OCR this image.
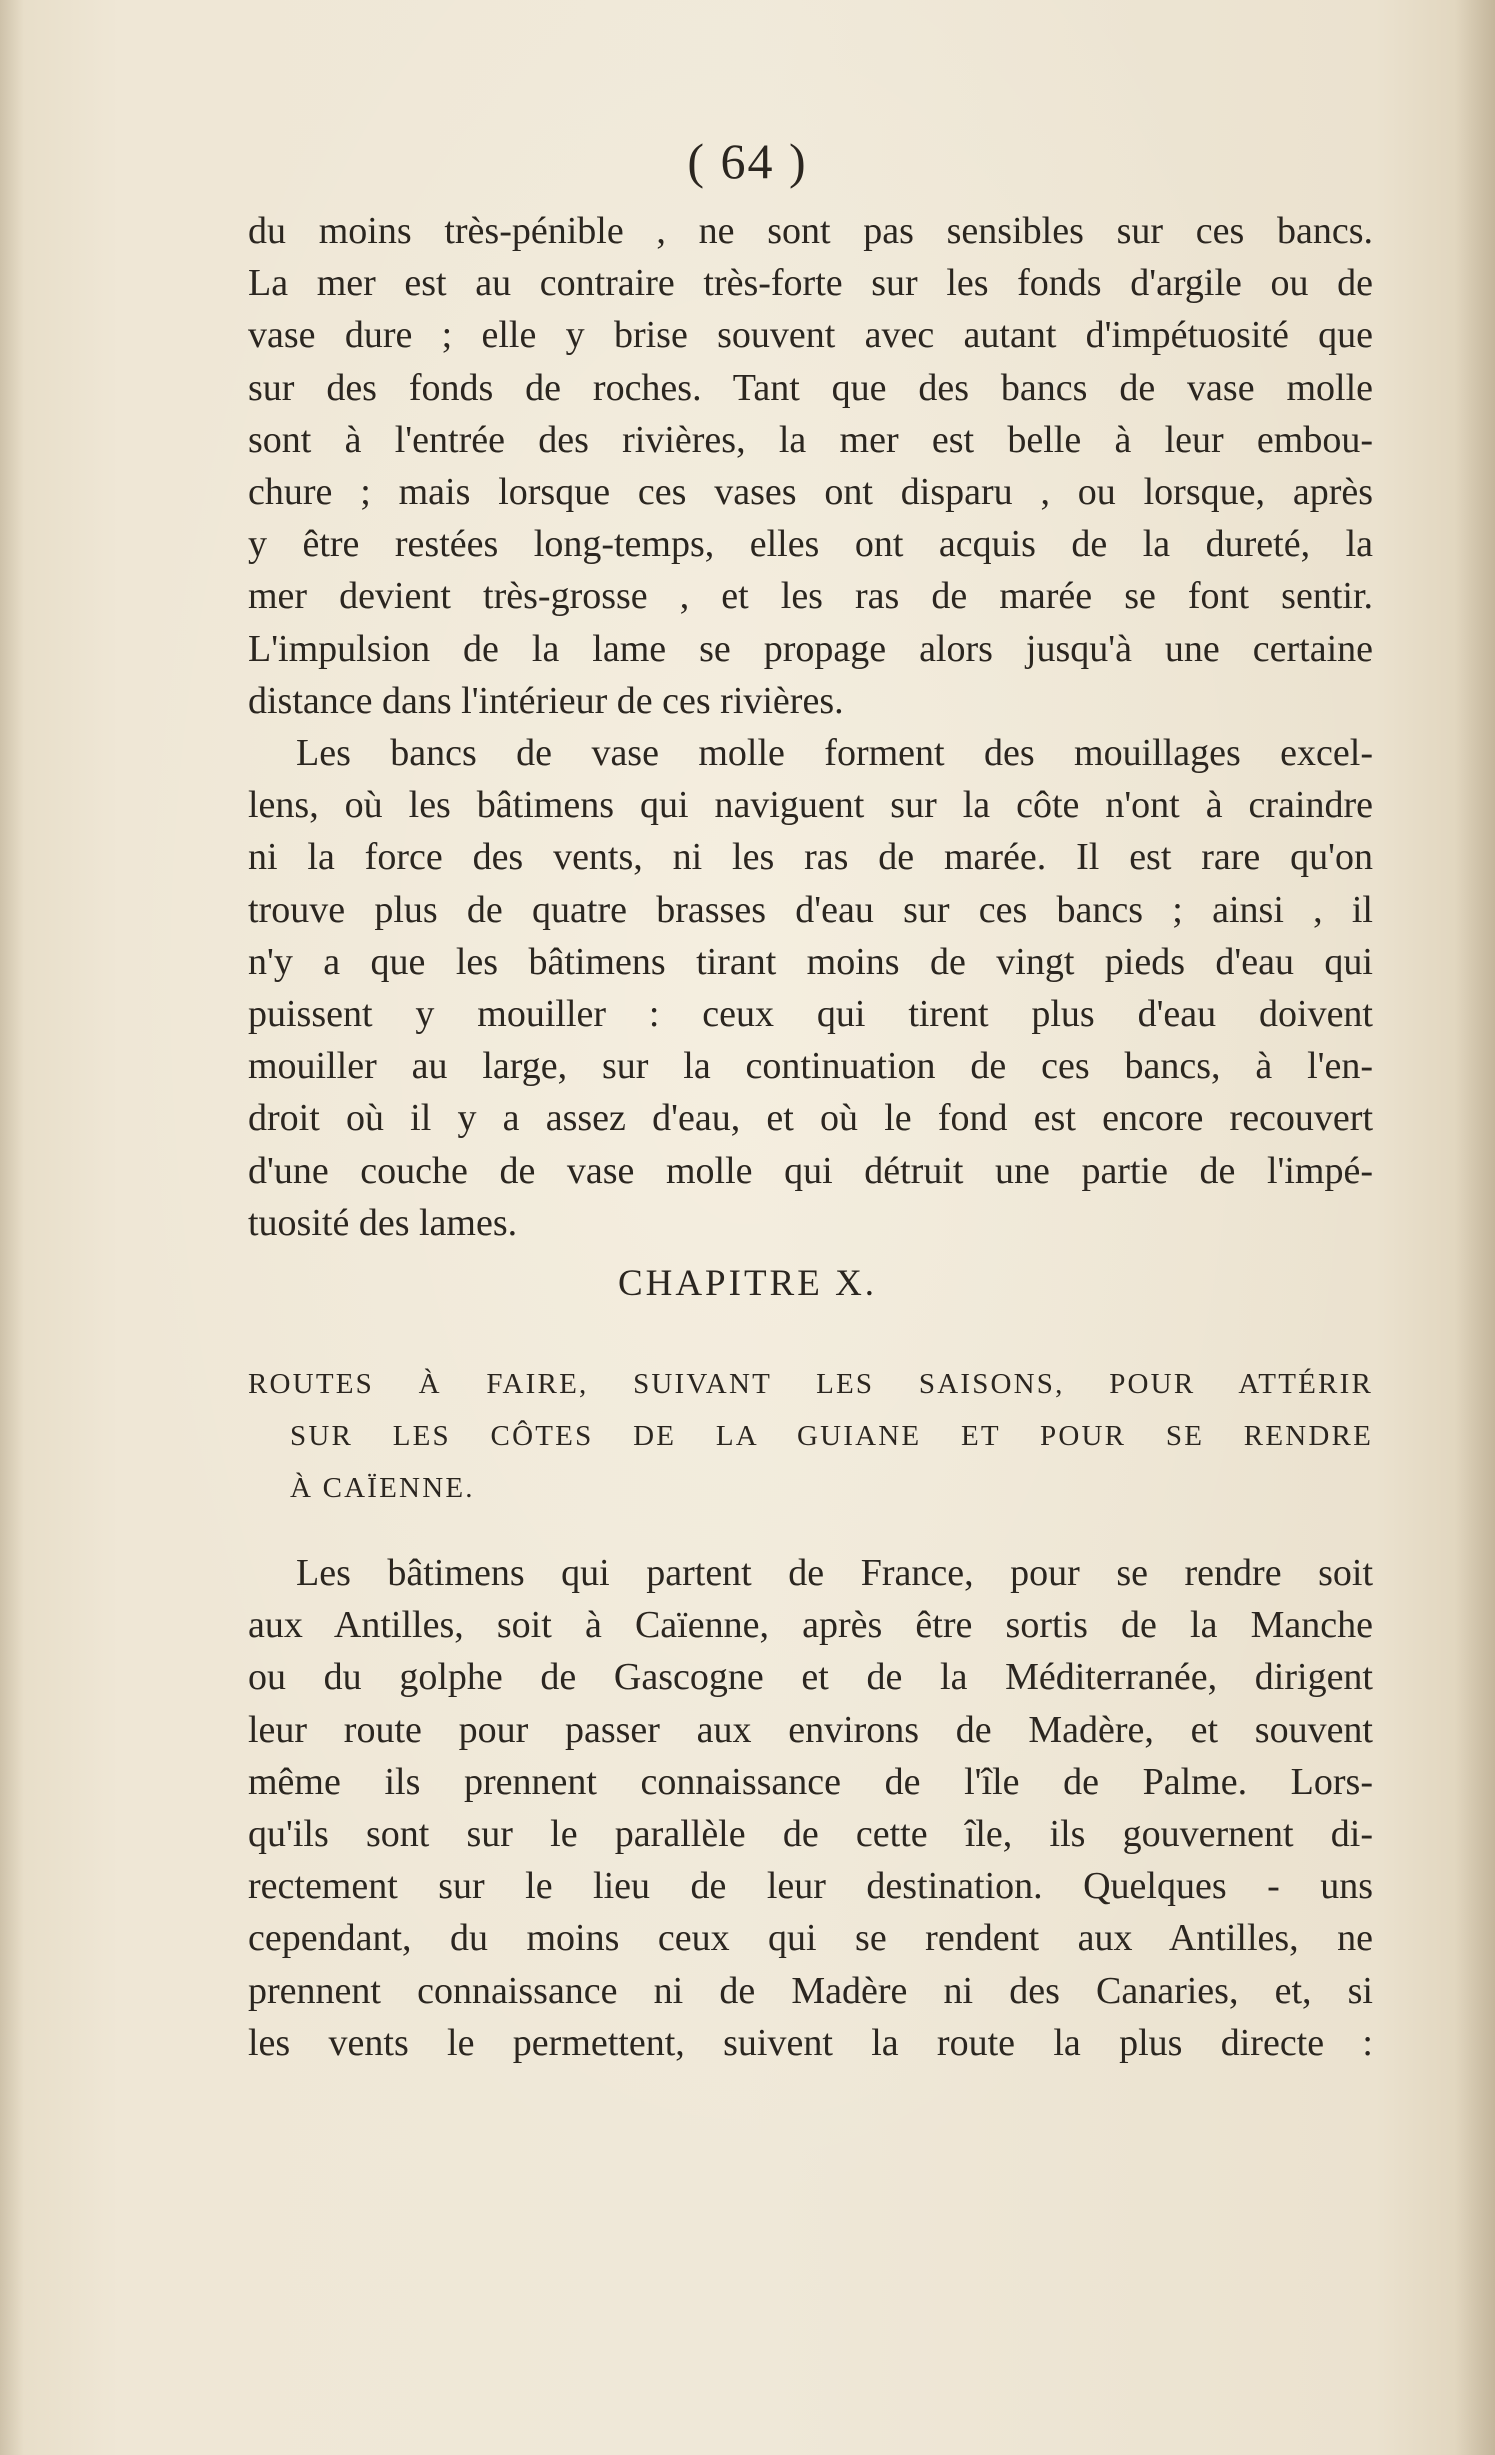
( 64 )
du moins très-pénible , ne sont pas sensibles sur ces bancs.
La mer est au contraire très-forte sur les fonds d'argile ou de
vase dure ; elle y brise souvent avec autant d'impétuosité que
sur des fonds de roches. Tant que des bancs de vase molle
sont à l'entrée des rivières, la mer est belle à leur embou-
chure ; mais lorsque ces vases ont disparu , ou lorsque, après
y être restées long-temps, elles ont acquis de la dureté, la
mer devient très-grosse , et les ras de marée se font sentir.
L'impulsion de la lame se propage alors jusqu'à une certaine
distance dans l'intérieur de ces rivières.
Les bancs de vase molle forment des mouillages excel-
lens, où les bâtimens qui naviguent sur la côte n'ont à craindre
ni la force des vents, ni les ras de marée. Il est rare qu'on
trouve plus de quatre brasses d'eau sur ces bancs ; ainsi , il
n'y a que les bâtimens tirant moins de vingt pieds d'eau qui
puissent y mouiller : ceux qui tirent plus d'eau doivent
mouiller au large, sur la continuation de ces bancs, à l'en-
droit où il y a assez d'eau, et où le fond est encore recouvert
d'une couche de vase molle qui détruit une partie de l'impé-
tuosité des lames.
CHAPITRE X.
ROUTES À FAIRE, SUIVANT LES SAISONS, POUR ATTÉRIR
SUR LES CÔTES DE LA GUIANE ET POUR SE RENDRE
À CAÏENNE.
Les bâtimens qui partent de France, pour se rendre soit
aux Antilles, soit à Caïenne, après être sortis de la Manche
ou du golphe de Gascogne et de la Méditerranée, dirigent
leur route pour passer aux environs de Madère, et souvent
même ils prennent connaissance de l'île de Palme. Lors-
qu'ils sont sur le parallèle de cette île, ils gouvernent di-
rectement sur le lieu de leur destination. Quelques - uns
cependant, du moins ceux qui se rendent aux Antilles, ne
prennent connaissance ni de Madère ni des Canaries, et, si
les vents le permettent, suivent la route la plus directe :
